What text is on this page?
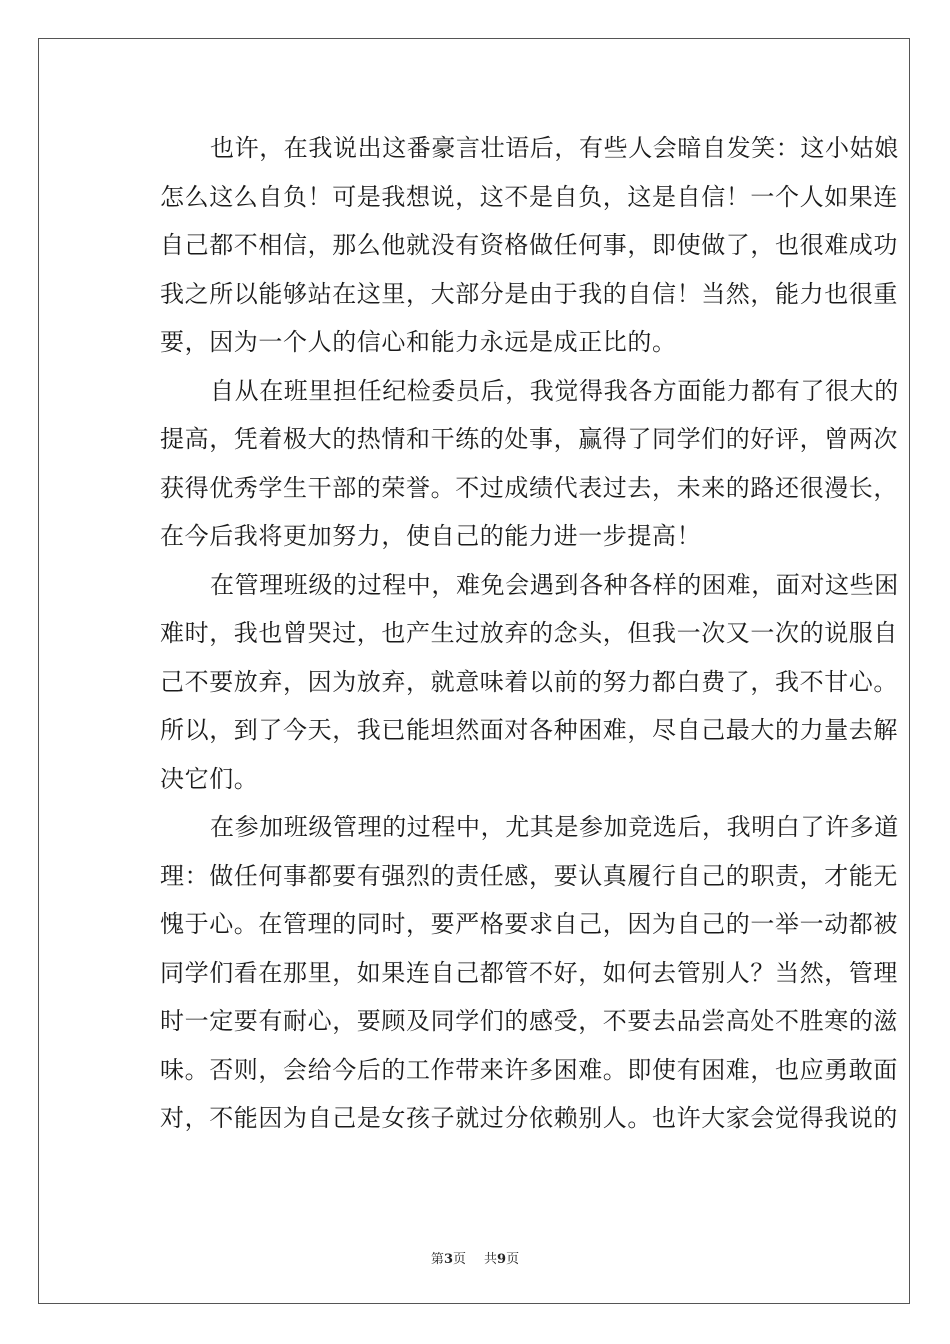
也许，在我说出这番豪言壮语后，有些人会暗自发笑：这小姑娘
怎么这么自负！可是我想说，这不是自负，这是自信！一个人如果连
自己都不相信，那么他就没有资格做任何事，即使做了，也很难成功
我之所以能够站在这里，大部分是由于我的自信！当然，能力也很重
要，因为一个人的信心和能力永远是成正比的。
自从在班里担任纪检委员后，我觉得我各方面能力都有了很大的
提高，凭着极大的热情和干练的处事，赢得了同学们的好评，曾两次
获得优秀学生干部的荣誉。不过成绩代表过去，未来的路还很漫长，
在今后我将更加努力，使自己的能力进一步提高！
在管理班级的过程中，难免会遇到各种各样的困难，面对这些困
难时，我也曾哭过，也产生过放弃的念头，但我一次又一次的说服自
己不要放弃，因为放弃，就意味着以前的努力都白费了，我不甘心。
所以，到了今天，我已能坦然面对各种困难，尽自己最大的力量去解
决它们。
在参加班级管理的过程中，尤其是参加竞选后，我明白了许多道
理：做任何事都要有强烈的责任感，要认真履行自己的职责，才能无
愧于心。在管理的同时，要严格要求自己，因为自己的一举一动都被
同学们看在那里，如果连自己都管不好，如何去管别人？当然，管理
时一定要有耐心，要顾及同学们的感受，不要去品尝高处不胜寒的滋
味。否则，会给今后的工作带来许多困难。即使有困难，也应勇敢面
对，不能因为自己是女孩子就过分依赖别人。也许大家会觉得我说的
第3页 共9页
